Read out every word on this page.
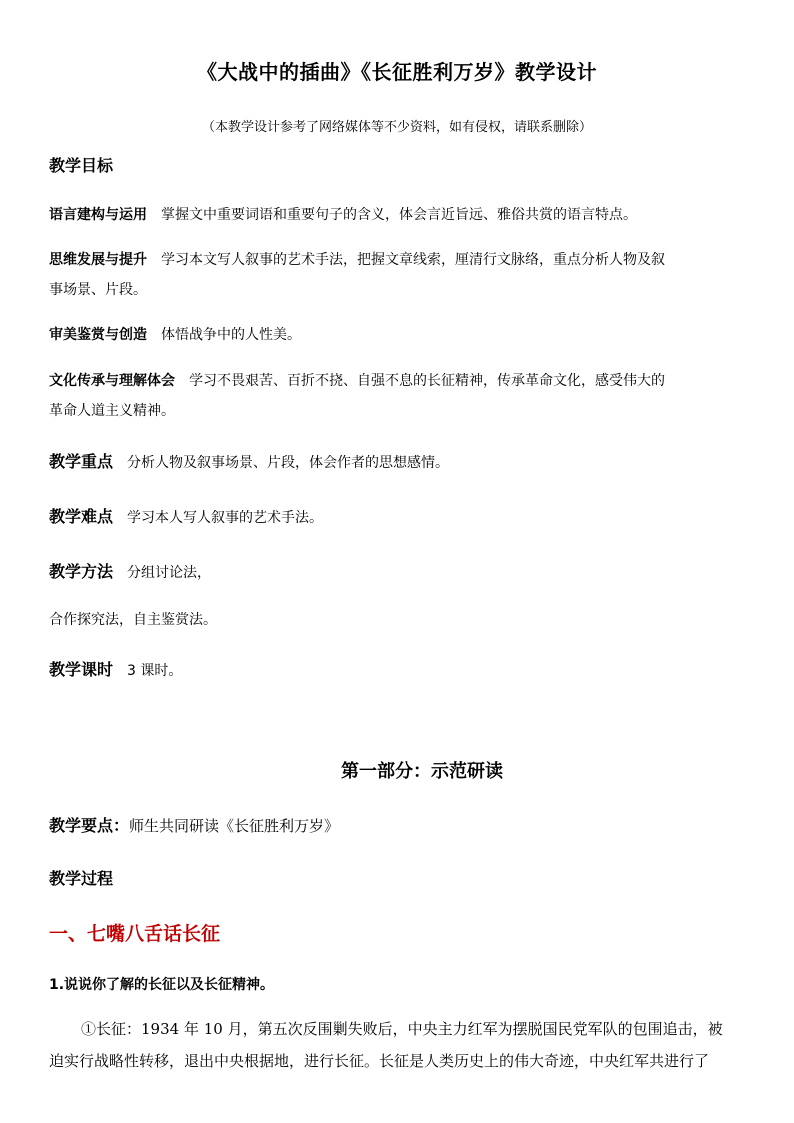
《大战中的插曲》《长征胜利万岁》教学设计
（本教学设计参考了网络媒体等不少资料，如有侵权，请联系删除）
教学目标
语言建构与运用 掌握文中重要词语和重要句子的含义，体会言近旨远、雅俗共赏的语言特点。
思维发展与提升 学习本文写人叙事的艺术手法，把握文章线索，厘清行文脉络，重点分析人物及叙
事场景、片段。
审美鉴赏与创造 体悟战争中的人性美。
文化传承与理解体会 学习不畏艰苦、百折不挠、自强不息的长征精神，传承革命文化，感受伟大的
革命人道主义精神。
教学重点 分析人物及叙事场景、片段，体会作者的思想感情。
教学难点 学习本人写人叙事的艺术手法。
教学方法 分组讨论法，
合作探究法，自主鉴赏法。
教学课时 3 课时。
第一部分：示范研读
教学要点：师生共同研读《长征胜利万岁》
教学过程
一、七嘴八舌话长征
1.说说你了解的长征以及长征精神。
①长征：1934 年 10 月，第五次反围剿失败后，中央主力红军为摆脱国民党军队的包围追击，被
迫实行战略性转移，退出中央根据地，进行长征。长征是人类历史上的伟大奇迹，中央红军共进行了
